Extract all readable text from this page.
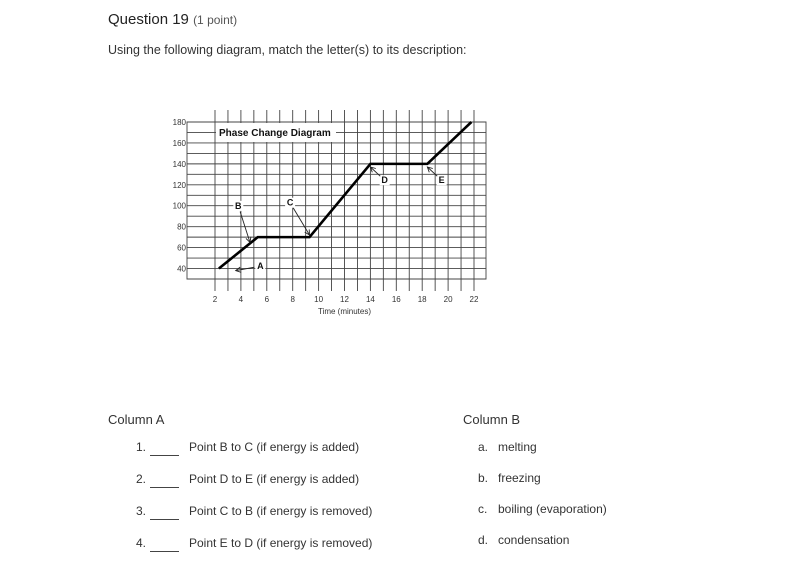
Question 19 (1 point)
Using the following diagram, match the letter(s) to its description:
40
60
80
100
120
140
160
180
2	4	6	8 10 12 14 16 18 20 22
Time (minutes)
Phase Change Diagram
A
B	C
D	E
Column A	Column B
1.	Point B to C (if energy is added)
2.	Point D to E (if energy is added)
3.	Point C to B (if energy is removed)
4.	Point E to D (if energy is removed)
a. melting
b. freezing
c. boiling (evaporation)
d. condensation
